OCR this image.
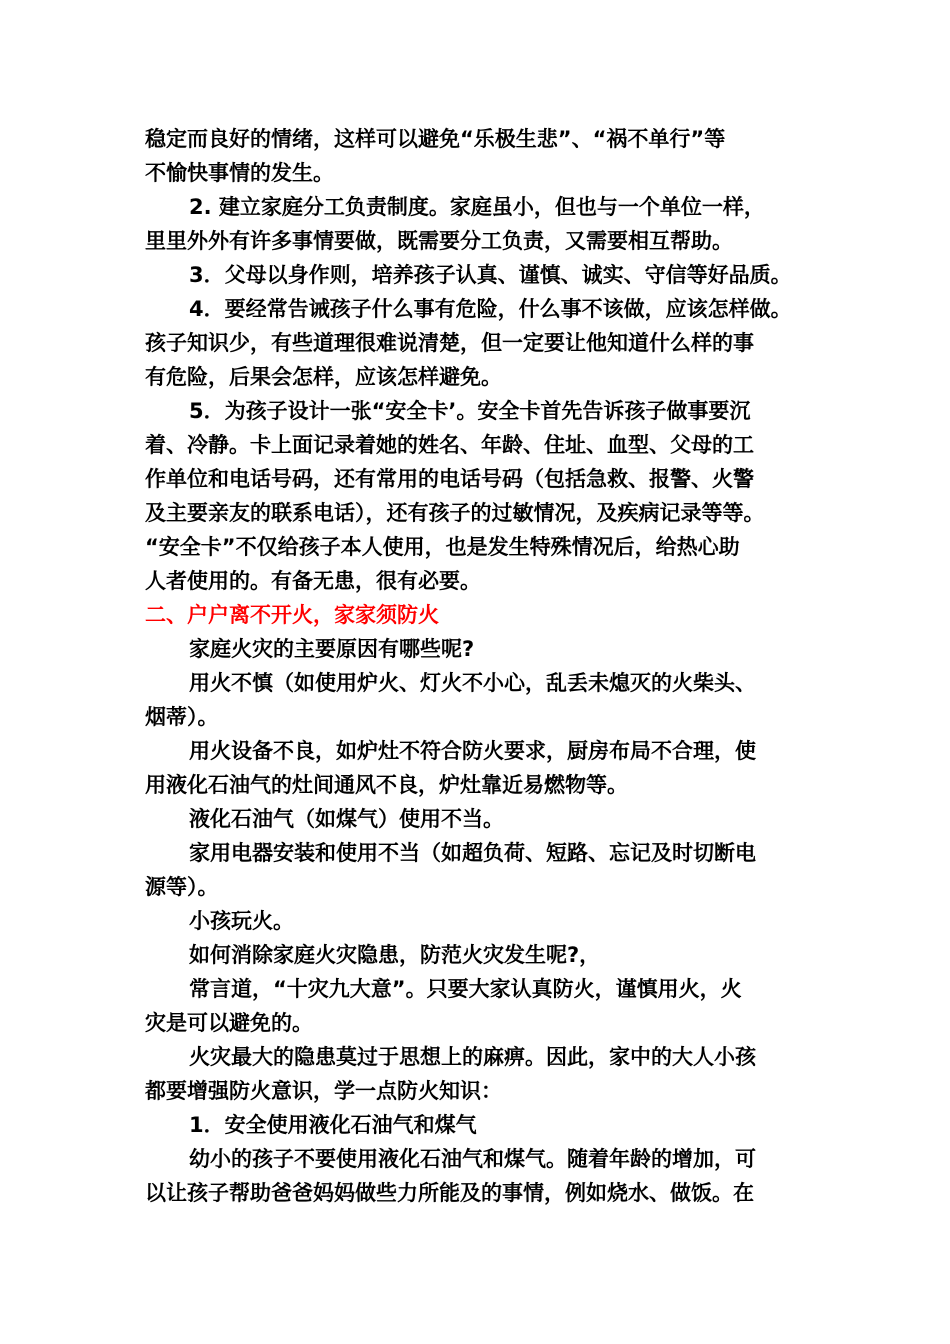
稳定而良好的情绪，这样可以避免“乐极生悲”、“祸不单行”等
不愉快事情的发生。
2. 建立家庭分工负责制度。家庭虽小，但也与一个单位一样，
里里外外有许多事情要做，既需要分工负责，又需要相互帮助。
3．父母以身作则，培养孩子认真、谨慎、诚实、守信等好品质。
4．要经常告诫孩子什么事有危险，什么事不该做，应该怎样做。
孩子知识少，有些道理很难说清楚，但一定要让他知道什么样的事
有危险，后果会怎样，应该怎样避免。
5．为孩子设计一张“安全卡’。安全卡首先告诉孩子做事要沉
着、冷静。卡上面记录着她的姓名、年龄、住址、血型、父母的工
作单位和电话号码，还有常用的电话号码（包括急救、报警、火警
及主要亲友的联系电话），还有孩子的过敏情况，及疾病记录等等。
“安全卡”不仅给孩子本人使用，也是发生特殊情况后，给热心助
人者使用的。有备无患，很有必要。
二、户户离不开火，家家须防火
家庭火灾的主要原因有哪些呢?
用火不慎（如使用炉火、灯火不小心，乱丢未熄灭的火柴头、
烟蒂）。
用火设备不良，如炉灶不符合防火要求，厨房布局不合理，使
用液化石油气的灶间通风不良，炉灶靠近易燃物等。
液化石油气（如煤气）使用不当。
家用电器安装和使用不当（如超负荷、短路、忘记及时切断电
源等）。
小孩玩火。
如何消除家庭火灾隐患，防范火灾发生呢?，
常言道，“十灾九大意”。只要大家认真防火，谨慎用火，火
灾是可以避免的。
火灾最大的隐患莫过于思想上的麻痹。因此，家中的大人小孩
都要增强防火意识，学一点防火知识：
1．安全使用液化石油气和煤气
幼小的孩子不要使用液化石油气和煤气。随着年龄的增加，可
以让孩子帮助爸爸妈妈做些力所能及的事情，例如烧水、做饭。在
